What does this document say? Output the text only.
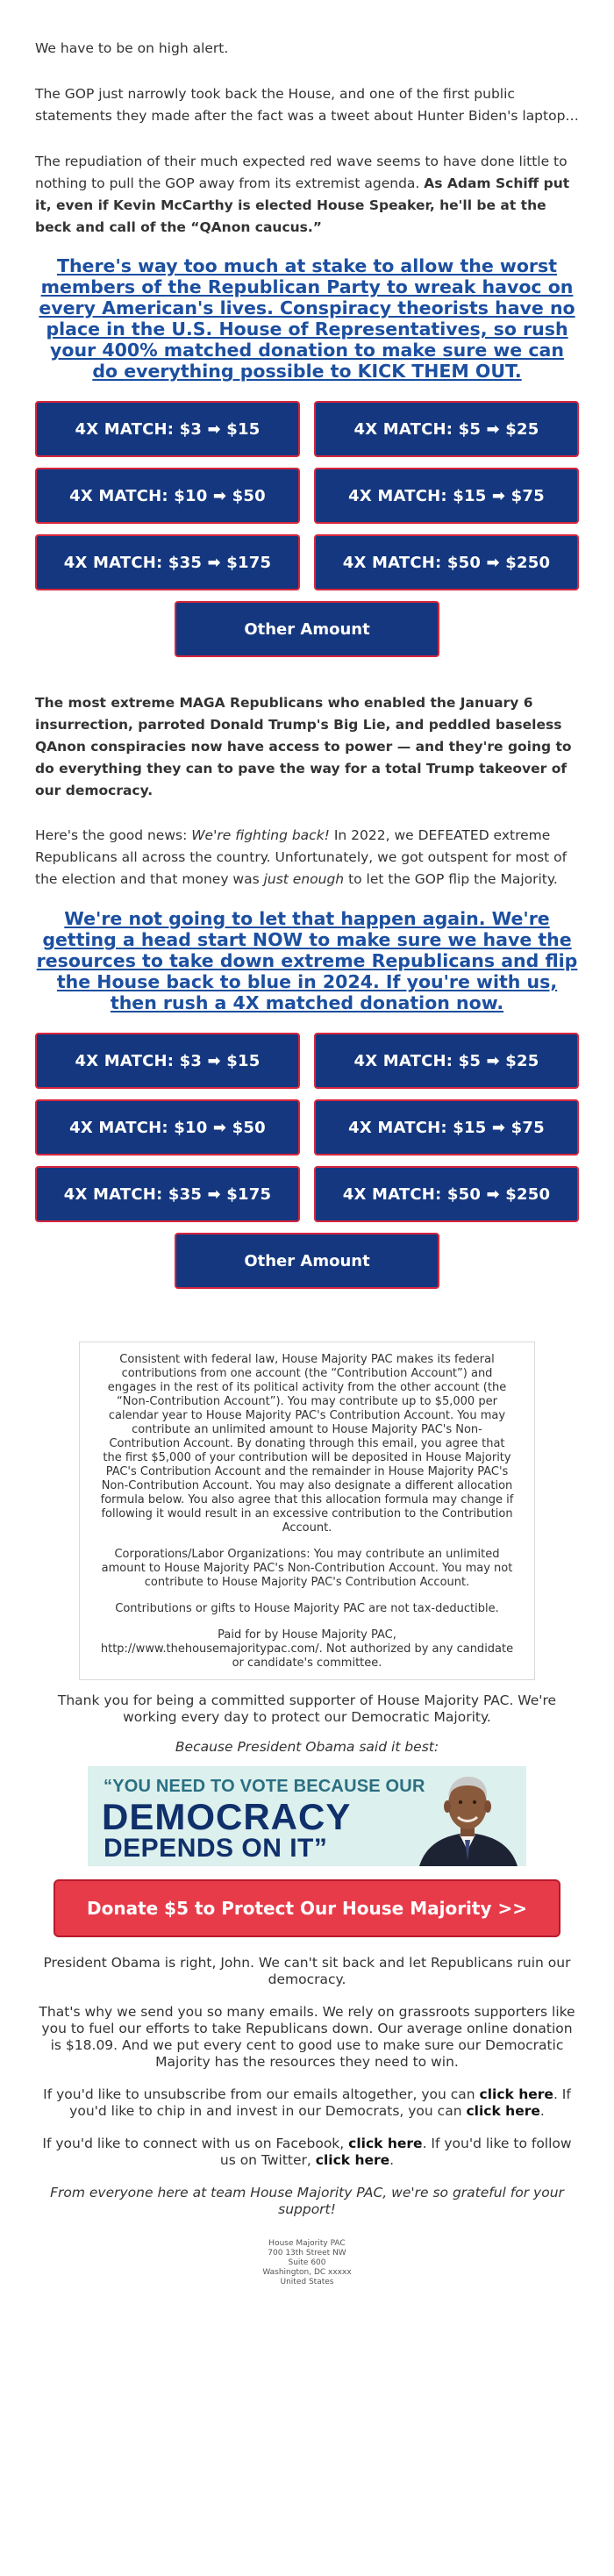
We have to be on high alert.

The GOP just narrowly took back the House, and one of the first public statements they made after the fact was a tweet about Hunter Biden's laptop…

The repudiation of their much expected red wave seems to have done little to nothing to pull the GOP away from its extremist agenda. As Adam Schiff put it, even if Kevin McCarthy is elected House Speaker, he'll be at the beck and call of the “QAnon caucus.”

There's way too much at stake to allow the worst members of the Republican Party to wreak havoc on every American's lives. Conspiracy theorists have no place in the U.S. House of Representatives, so rush your 400% matched donation to make sure we can do everything possible to KICK THEM OUT.

4X MATCH: $3 ➡ $15	4X MATCH: $5 ➡ $25
4X MATCH: $10 ➡ $50	4X MATCH: $15 ➡ $75
4X MATCH: $35 ➡ $175	4X MATCH: $50 ➡ $250
Other Amount

The most extreme MAGA Republicans who enabled the January 6 insurrection, parroted Donald Trump's Big Lie, and peddled baseless QAnon conspiracies now have access to power — and they're going to do everything they can to pave the way for a total Trump takeover of our democracy.

Here's the good news: We're fighting back! In 2022, we DEFEATED extreme Republicans all across the country. Unfortunately, we got outspent for most of the election and that money was just enough to let the GOP flip the Majority.

We're not going to let that happen again. We're getting a head start NOW to make sure we have the resources to take down extreme Republicans and flip the House back to blue in 2024. If you're with us, then rush a 4X matched donation now.

4X MATCH: $3 ➡ $15	4X MATCH: $5 ➡ $25
4X MATCH: $10 ➡ $50	4X MATCH: $15 ➡ $75
4X MATCH: $35 ➡ $175	4X MATCH: $50 ➡ $250
Other Amount

Consistent with federal law, House Majority PAC makes its federal contributions from one account (the “Contribution Account”) and engages in the rest of its political activity from the other account (the “Non-Contribution Account”). You may contribute up to $5,000 per calendar year to House Majority PAC's Contribution Account. You may contribute an unlimited amount to House Majority PAC's Non-Contribution Account. By donating through this email, you agree that the first $5,000 of your contribution will be deposited in House Majority PAC's Contribution Account and the remainder in House Majority PAC's Non-Contribution Account. You may also designate a different allocation formula below. You also agree that this allocation formula may change if following it would result in an excessive contribution to the Contribution Account.

Corporations/Labor Organizations: You may contribute an unlimited amount to House Majority PAC's Non-Contribution Account. You may not contribute to House Majority PAC's Contribution Account.

Contributions or gifts to House Majority PAC are not tax-deductible.

Paid for by House Majority PAC,

http://www.thehousemajoritypac.com/. Not authorized by any candidate or candidate's committee.

Thank you for being a committed supporter of House Majority PAC. We're working every day to protect our Democratic Majority.

Because President Obama said it best:

“YOU NEED TO VOTE BECAUSE OUR
DEMOCRACY
DEPENDS ON IT”
Donate $5 to Protect Our House Majority >>

President Obama is right, John. We can't sit back and let Republicans ruin our democracy.

That's why we send you so many emails. We rely on grassroots supporters like you to fuel our efforts to take Republicans down. Our average online donation is $18.09. And we put every cent to good use to make sure our Democratic Majority has the resources they need to win.

If you'd like to unsubscribe from our emails altogether, you can click here. If you'd like to chip in and invest in our Democrats, you can click here.

If you'd like to connect with us on Facebook, click here. If you'd like to follow us on Twitter, click here.

From everyone here at team House Majority PAC, we're so grateful for your support!

House Majority PAC
700 13th Street NW
Suite 600
Washington, DC xxxxx
United States
